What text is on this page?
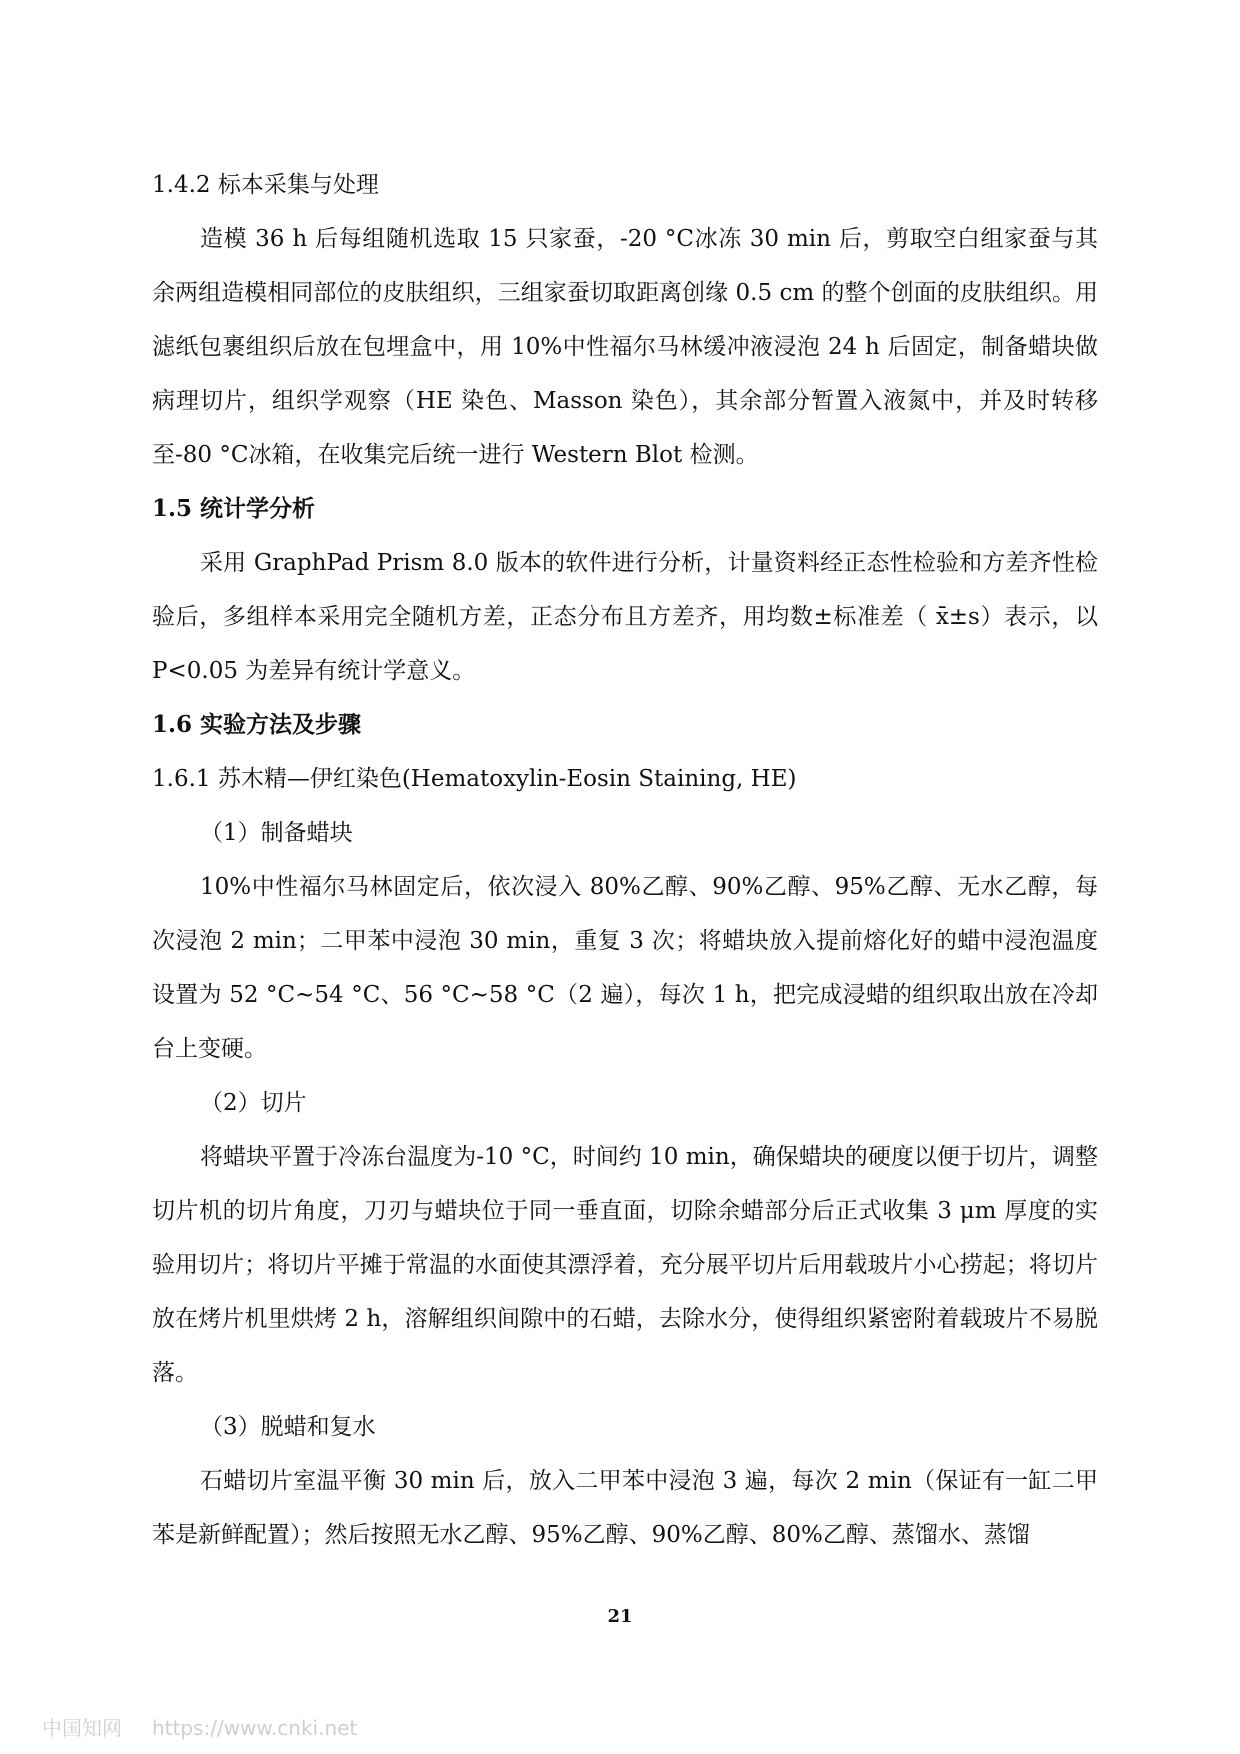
1.4.2 标本采集与处理

造模 36 h 后每组随机选取 15 只家蚕，-20 °C冰冻 30 min 后，剪取空白组家蚕与其余两组造模相同部位的皮肤组织，三组家蚕切取距离创缘 0.5 cm 的整个创面的皮肤组织。用滤纸包裹组织后放在包埋盒中，用 10%中性福尔马林缓冲液浸泡 24 h 后固定，制备蜡块做病理切片，组织学观察（HE 染色、Masson 染色），其余部分暂置入液氮中，并及时转移至-80 °C冰箱，在收集完后统一进行 Western Blot 检测。

1.5 统计学分析

采用 GraphPad Prism 8.0 版本的软件进行分析，计量资料经正态性检验和方差齐性检验后，多组样本采用完全随机方差，正态分布且方差齐，用均数±标准差（ x̄±s）表示，以 P<0.05 为差异有统计学意义。

1.6 实验方法及步骤
1.6.1 苏木精—伊红染色(Hematoxylin-Eosin Staining, HE)
（1）制备蜡块

10%中性福尔马林固定后，依次浸入 80%乙醇、90%乙醇、95%乙醇、无水乙醇，每次浸泡 2 min；二甲苯中浸泡 30 min，重复 3 次；将蜡块放入提前熔化好的蜡中浸泡温度设置为 52 °C~54 °C、56 °C~58 °C（2 遍），每次 1 h，把完成浸蜡的组织取出放在冷却台上变硬。

（2）切片

将蜡块平置于冷冻台温度为-10 °C，时间约 10 min，确保蜡块的硬度以便于切片，调整切片机的切片角度，刀刃与蜡块位于同一垂直面，切除余蜡部分后正式收集 3 μm 厚度的实验用切片；将切片平摊于常温的水面使其漂浮着，充分展平切片后用载玻片小心捞起；将切片放在烤片机里烘烤 2 h，溶解组织间隙中的石蜡，去除水分，使得组织紧密附着载玻片不易脱落。

（3）脱蜡和复水

石蜡切片室温平衡 30 min 后，放入二甲苯中浸泡 3 遍，每次 2 min（保证有一缸二甲苯是新鲜配置）；然后按照无水乙醇、95%乙醇、90%乙醇、80%乙醇、蒸馏水、蒸馏

21
中国知网 https://www.cnki.net
